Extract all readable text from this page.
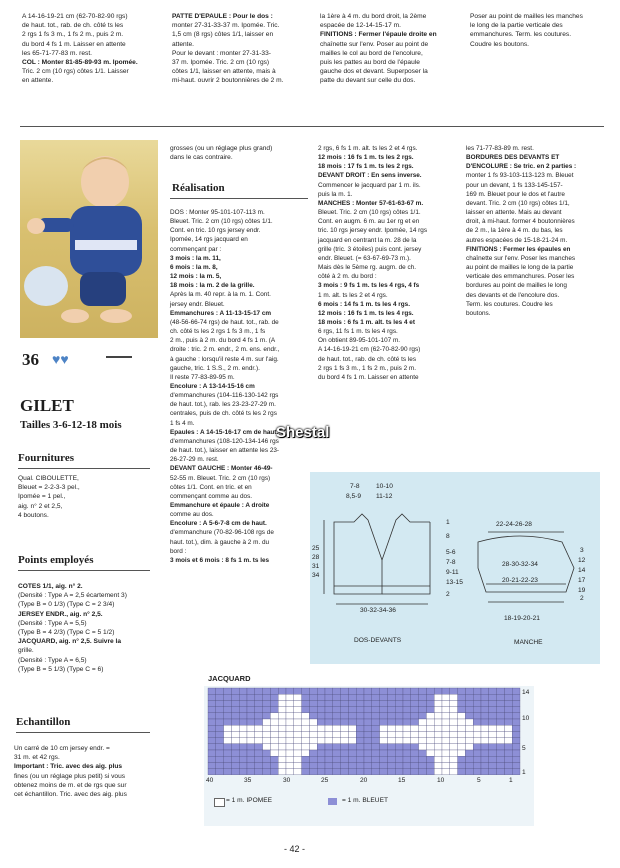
A 14-16-19-21 cm (62-70-82-90 rgs)
de haut. tot., rab. de ch. côté ts les
2 rgs 1 fs 3 m., 1 fs 2 m., puis 2 m.
du bord 4 fs 1 m. Laisser en attente
les 65-71-77-83 m. rest.
COL : Monter 81-85-89-93 m. Ipomée.
Tric. 2 cm (10 rgs) côtes 1/1. Laisser
en attente.
PATTE D'EPAULE : Pour le dos :
monter 27-31-33-37 m. Ipomée. Tric.
1,5 cm (8 rgs) côtes 1/1, laisser en
attente.
Pour le devant : monter 27-31-33-
37 m. Ipomée. Tric. 2 cm (10 rgs)
côtes 1/1, laisser en attente, mais à
mi-haut. ouvrir 2 boutonnières de 2 m.
la 1ère à 4 m. du bord droit, la 2ème
espacée de 12-14-15-17 m.
FINITIONS : Fermer l'épaule droite en
chaînette sur l'env. Poser au point de
mailles le col au bord de l'encolure,
puis les pattes au bord de l'épaule
gauche dos et devant. Superposer la
patte du devant sur celle du dos.
Poser au point de mailles les manches
le long de la partie verticale des
emmanchures. Term. les coutures.
Coudre les boutons.
36 ♥♥
GILET
Tailles 3-6-12-18 mois
Fournitures
Qual. CIBOULETTE,
Bleuet = 2-2-3-3 pel.,
Ipomée = 1 pel.,
aig. n° 2 et 2,5,
4 boutons.
Points employés
COTES 1/1, aig. n° 2.
(Densité : Type A = 2,5 écartement 3)
(Type B = 0 1/3) (Type C = 2 3/4)
JERSEY ENDR., aig. n° 2,5.
(Densité : Type A = 5,5)
(Type B = 4 2/3) (Type C = 5 1/2)
JACQUARD, aig. n° 2,5. Suivre la
grille.
(Densité : Type A = 6,5)
(Type B = 5 1/3) (Type C = 6)
Echantillon
Un carré de 10 cm jersey endr. =
31 m. et 42 rgs.
Important : Tric. avec des aig. plus
fines (ou un réglage plus petit) si vous
obtenez moins de m. et de rgs que sur
cet échantillon. Tric. avec des aig. plus
grosses (ou un réglage plus grand)
dans le cas contraire.
Réalisation
DOS : Monter 95-101-107-113 m.
Bleuet. Tric. 2 cm (10 rgs) côtes 1/1.
Cont. en tric. 10 rgs jersey endr.
Ipomée, 14 rgs jacquard en
commençant par :
3 mois : la m. 11,
6 mois : la m. 8,
12 mois : la m. 5,
18 mois : la m. 2 de la grille.
Après la m. 40 repr. à la m. 1. Cont.
jersey endr. Bleuet.
Emmanchures : A 11-13-15-17 cm
(48-56-66-74 rgs) de haut. tot., rab. de
ch. côté ts les 2 rgs 1 fs 3 m., 1 fs
2 m., puis à 2 m. du bord 4 fs 1 m. (A
droite : tric. 2 m. endr., 2 m. ens. endr.,
à gauche : lorsqu'il reste 4 m. sur l'aig.
gauche, tric. 1 S.S., 2 m. endr.).
Il reste 77-83-89-95 m.
Encolure : A 13-14-15-16 cm
d'emmanchures (104-116-130-142 rgs
de haut. tot.), rab. les 23-23-27-29 m.
centrales, puis de ch. côté ts les 2 rgs
1 fs 4 m.
Epaules : A 14-15-16-17 cm de haut.
d'emmanchures (108-120-134-146 rgs
de haut. tot.), laisser en attente les 23-
26-27-29 m. rest.
DEVANT GAUCHE : Monter 46-49-
52-55 m. Bleuet. Tric. 2 cm (10 rgs)
côtes 1/1. Cont. en tric. et en
commençant comme au dos.
Emmanchure et épaule : A droite
comme au dos.
Encolure : A 5-6-7-8 cm de haut.
d'emmanchure (70-82-96-108 rgs de
haut. tot.), dim. à gauche à 2 m. du
bord :
3 mois et 6 mois : 8 fs 1 m. ts les
2 rgs, 6 fs 1 m. alt. ts les 2 et 4 rgs.
12 mois : 16 fs 1 m. ts les 2 rgs.
18 mois : 17 fs 1 m. ts les 2 rgs.
DEVANT DROIT : En sens inverse.
Commencer le jacquard par 1 m. ils.
puis la m. 1.
MANCHES : Monter 57-61-63-67 m.
Bleuet. Tric. 2 cm (10 rgs) côtes 1/1.
Cont. en augm. 6 m. au 1er rg et en
tric. 10 rgs jersey endr. Ipomée, 14 rgs
jacquard en centrant la m. 28 de la
grille (tric. 3 étoiles) puis cont. jersey
endr. Bleuet. (= 63-67-69-73 m.).
Mais dès le 5ème rg. augm. de ch.
côté à 2 m. du bord :
3 mois : 9 fs 1 m. ts les 4 rgs, 4 fs
1 m. alt. ts les 2 et 4 rgs.
6 mois : 14 fs 1 m. ts les 4 rgs.
12 mois : 16 fs 1 m. ts les 4 rgs.
18 mois : 6 fs 1 m. alt. ts les 4 et
6 rgs, 11 fs 1 m. ts les 4 rgs.
On obtient 89-95-101-107 m.
A 14-16-19-21 cm (62-70-82-90 rgs)
de haut. tot., rab. de ch. côté ts les
2 rgs 1 fs 3 m., 1 fs 2 m., puis 2 m.
du bord 4 fs 1 m. Laisser en attente
les 71-77-83-89 m. rest.
BORDURES DES DEVANTS ET
D'ENCOLURE : Se tric. en 2 parties :
monter 1 fs 93-103-113-123 m. Bleuet
pour un devant, 1 fs 133-145-157-
169 m. Bleuet pour le dos et l'autre
devant. Tric. 2 cm (10 rgs) côtes 1/1,
laisser en attente. Mais au devant
droit, à mi-haut. former 4 boutonnières
de 2 m., la 1ère à 4 m. du bas, les
autres espacées de 15-18-21-24 m.
FINITIONS : Fermer les épaules en
chaînette sur l'env. Poser les manches
au point de mailles le long de la partie
verticale des emmanchures. Poser les
bordures au point de mailles le long
des devants et de l'encolure dos.
Term. les coutures. Coudre les
boutons.
Shestal
7-8
8,5-9
10-10
11-12
25
28
31
34
1
8
5-6
7-8
9-11
13-15
2
30-32-34-36
DOS-DEVANTS
22-24-26-28
28-30-32-34
20-21-22-23
18-19-20-21
3
12
14
17
19
2
MANCHE
JACQUARD
14
10
5
1
40	35	30	25	20	15	10	5	1
= 1 m. IPOMEE	= 1 m. BLEUET
- 42 -
